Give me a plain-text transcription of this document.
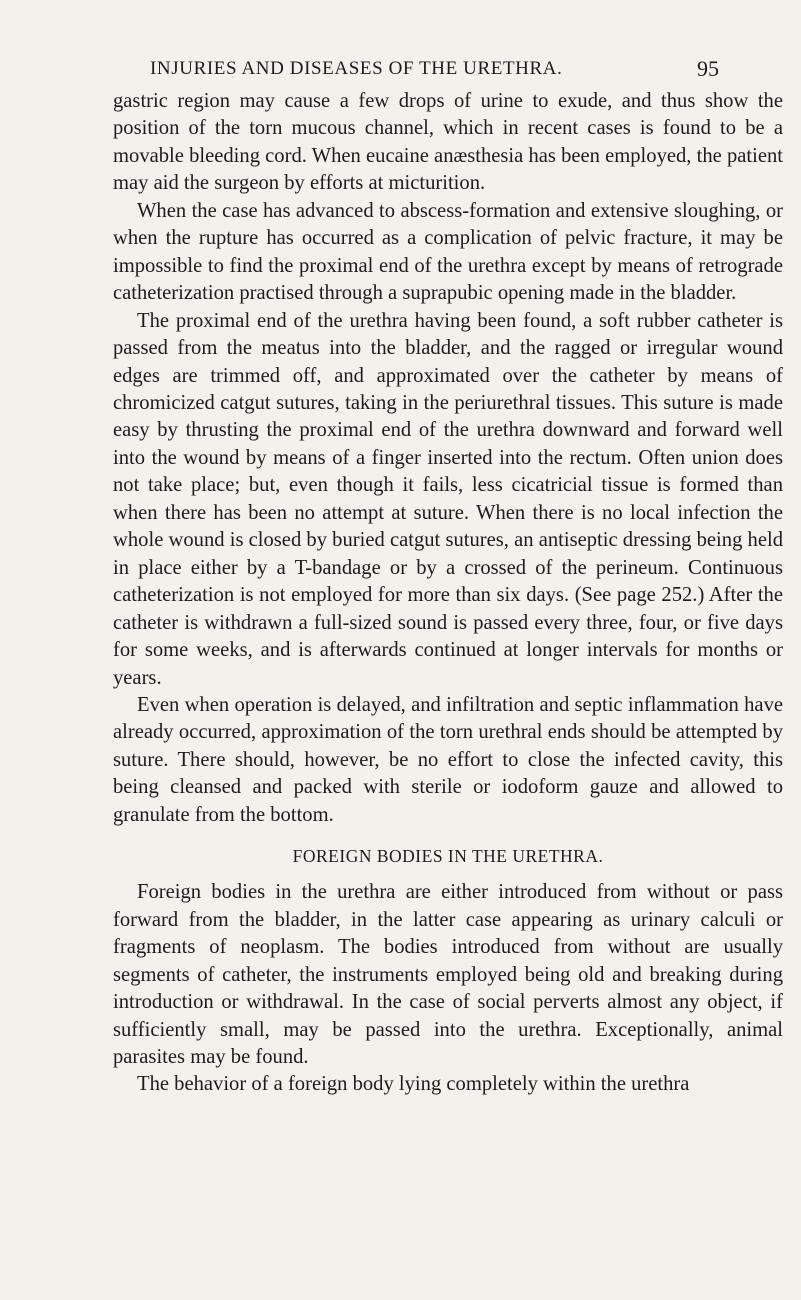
INJURIES AND DISEASES OF THE URETHRA.	95

gastric region may cause a few drops of urine to exude, and thus show the position of the torn mucous channel, which in recent cases is found to be a movable bleeding cord. When eucaine anæsthesia has been employed, the patient may aid the surgeon by efforts at micturition.

When the case has advanced to abscess-formation and extensive sloughing, or when the rupture has occurred as a complication of pelvic fracture, it may be impossible to find the proximal end of the urethra except by means of retrograde catheterization practised through a suprapubic opening made in the bladder.

The proximal end of the urethra having been found, a soft rubber catheter is passed from the meatus into the bladder, and the ragged or irregular wound edges are trimmed off, and approximated over the catheter by means of chromicized catgut sutures, taking in the periurethral tissues. This suture is made easy by thrusting the proximal end of the urethra downward and forward well into the wound by means of a finger inserted into the rectum. Often union does not take place; but, even though it fails, less cicatricial tissue is formed than when there has been no attempt at suture. When there is no local infection the whole wound is closed by buried catgut sutures, an antiseptic dressing being held in place either by a T-bandage or by a crossed of the perineum. Continuous catheterization is not employed for more than six days. (See page 252.) After the catheter is withdrawn a full-sized sound is passed every three, four, or five days for some weeks, and is afterwards continued at longer intervals for months or years.

Even when operation is delayed, and infiltration and septic inflammation have already occurred, approximation of the torn urethral ends should be attempted by suture. There should, however, be no effort to close the infected cavity, this being cleansed and packed with sterile or iodoform gauze and allowed to granulate from the bottom.

FOREIGN BODIES IN THE URETHRA.

Foreign bodies in the urethra are either introduced from without or pass forward from the bladder, in the latter case appearing as urinary calculi or fragments of neoplasm. The bodies introduced from without are usually segments of catheter, the instruments employed being old and breaking during introduction or withdrawal. In the case of social perverts almost any object, if sufficiently small, may be passed into the urethra. Exceptionally, animal parasites may be found.

The behavior of a foreign body lying completely within the urethra
